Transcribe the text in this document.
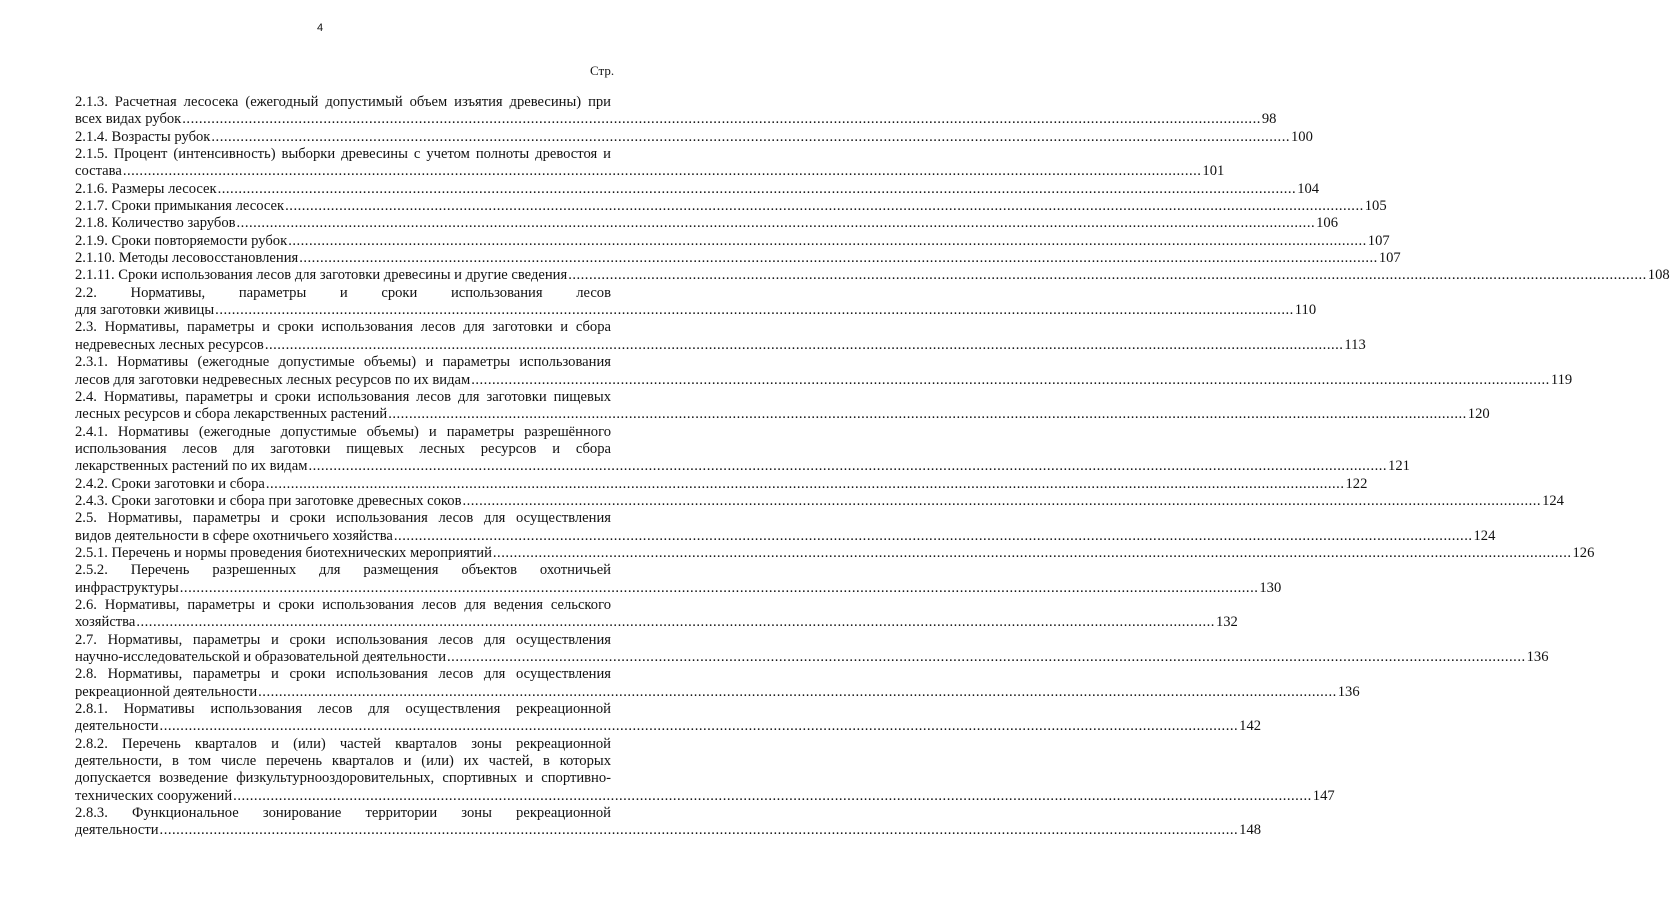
4
Стр.
2.1.3. Расчетная лесосека (ежегодный допустимый объем изъятия древесины) при
всех видах рубок .................................................................................................................................................................................................................................................................... 98
2.1.4. Возрасты рубок .................................................................................................................................................................................................................................................................... 100
2.1.5. Процент (интенсивность) выборки древесины с учетом полноты древостоя и
состава .................................................................................................................................................................................................................................................................... 101
2.1.6. Размеры лесосек .................................................................................................................................................................................................................................................................... 104
2.1.7. Сроки примыкания лесосек .................................................................................................................................................................................................................................................................... 105
2.1.8. Количество зарубов .................................................................................................................................................................................................................................................................... 106
2.1.9. Сроки повторяемости рубок .................................................................................................................................................................................................................................................................... 107
2.1.10. Методы лесовосстановления .................................................................................................................................................................................................................................................................... 107
2.1.11. Сроки использования лесов для заготовки древесины и другие сведения .................................................................................................................................................................................................................................................................... 108
2.2. Нормативы, параметры и сроки использования лесов
для заготовки живицы .................................................................................................................................................................................................................................................................... 110
2.3. Нормативы, параметры и сроки использования лесов для заготовки и сбора
недревесных лесных ресурсов .................................................................................................................................................................................................................................................................... 113
2.3.1. Нормативы (ежегодные допустимые объемы) и параметры использования
лесов для заготовки недревесных лесных ресурсов по их видам .................................................................................................................................................................................................................................................................... 119
2.4. Нормативы, параметры и сроки использования лесов для заготовки пищевых
лесных ресурсов и сбора лекарственных растений .................................................................................................................................................................................................................................................................... 120
2.4.1. Нормативы (ежегодные допустимые объемы) и параметры разрешённого
использования лесов для заготовки пищевых лесных ресурсов и сбора
лекарственных растений по их видам .................................................................................................................................................................................................................................................................... 121
2.4.2. Сроки заготовки и сбора .................................................................................................................................................................................................................................................................... 122
2.4.3. Сроки заготовки и сбора при заготовке древесных соков .................................................................................................................................................................................................................................................................... 124
2.5. Нормативы, параметры и сроки использования лесов для осуществления
видов деятельности в сфере охотничьего хозяйства .................................................................................................................................................................................................................................................................... 124
2.5.1. Перечень и нормы проведения биотехнических мероприятий .................................................................................................................................................................................................................................................................... 126
2.5.2. Перечень разрешенных для размещения объектов охотничьей
инфраструктуры .................................................................................................................................................................................................................................................................... 130
2.6. Нормативы, параметры и сроки использования лесов для ведения сельского
хозяйства .................................................................................................................................................................................................................................................................... 132
2.7. Нормативы, параметры и сроки использования лесов для осуществления
научно-исследовательской и образовательной деятельности .................................................................................................................................................................................................................................................................... 136
2.8. Нормативы, параметры и сроки использования лесов для осуществления
рекреационной деятельности .................................................................................................................................................................................................................................................................... 136
2.8.1. Нормативы использования лесов для осуществления рекреационной
деятельности .................................................................................................................................................................................................................................................................... 142
2.8.2. Перечень кварталов и (или) частей кварталов зоны рекреационной
деятельности, в том числе перечень кварталов и (или) их частей, в которых
допускается возведение физкультурнооздоровительных, спортивных и спортивно-
технических сооружений .................................................................................................................................................................................................................................................................... 147
2.8.3. Функциональное зонирование территории зоны рекреационной
деятельности .................................................................................................................................................................................................................................................................... 148
